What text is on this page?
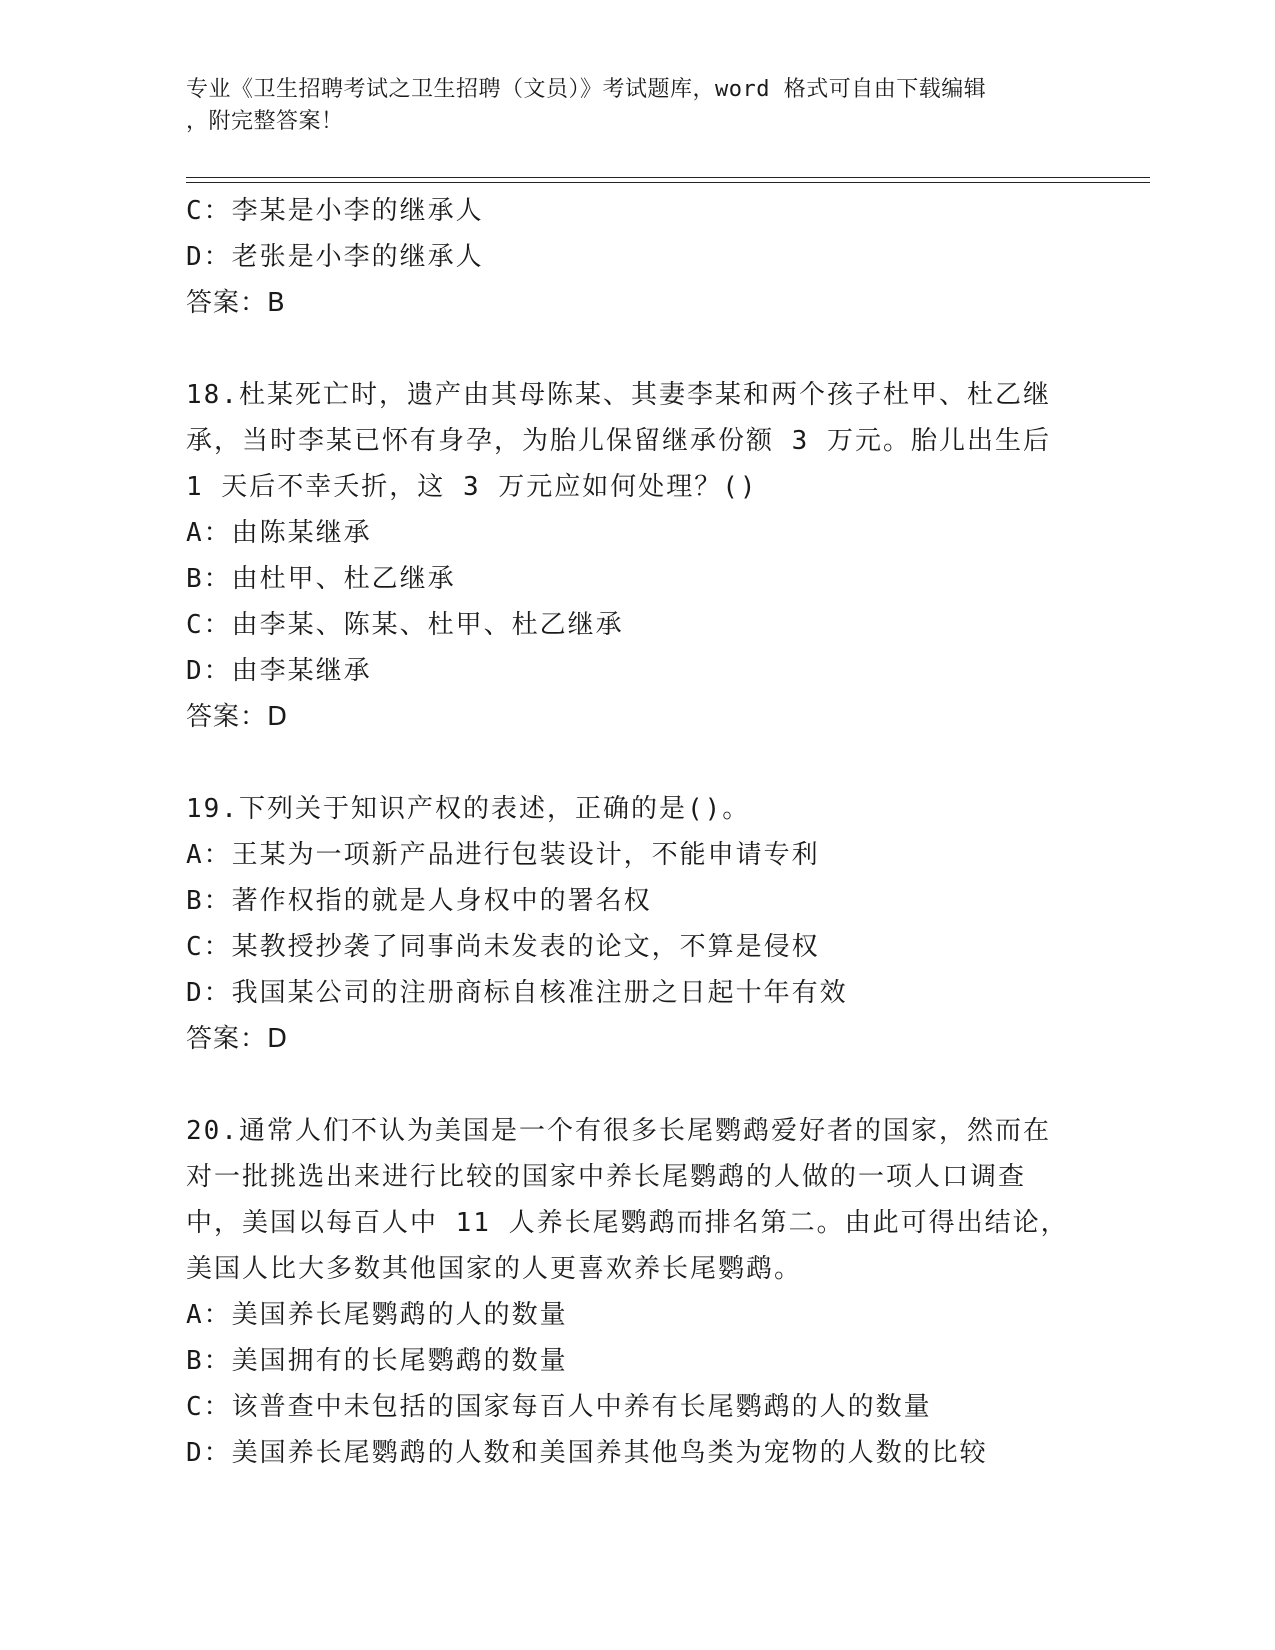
专业《卫生招聘考试之卫生招聘（文员）》考试题库，word 格式可自由下载编辑
，附完整答案！
C：李某是小李的继承人
D：老张是小李的继承人
答案：B
18.杜某死亡时，遗产由其母陈某、其妻李某和两个孩子杜甲、杜乙继
承，当时李某已怀有身孕，为胎儿保留继承份额 3 万元。胎儿出生后
1 天后不幸夭折，这 3 万元应如何处理？()
A：由陈某继承
B：由杜甲、杜乙继承
C：由李某、陈某、杜甲、杜乙继承
D：由李某继承
答案：D
19.下列关于知识产权的表述，正确的是()。
A：王某为一项新产品进行包装设计，不能申请专利
B：著作权指的就是人身权中的署名权
C：某教授抄袭了同事尚未发表的论文，不算是侵权
D：我国某公司的注册商标自核准注册之日起十年有效
答案：D
20.通常人们不认为美国是一个有很多长尾鹦鹉爱好者的国家，然而在
对一批挑选出来进行比较的国家中养长尾鹦鹉的人做的一项人口调查
中，美国以每百人中 11 人养长尾鹦鹉而排名第二。由此可得出结论，
美国人比大多数其他国家的人更喜欢养长尾鹦鹉。
A：美国养长尾鹦鹉的人的数量
B：美国拥有的长尾鹦鹉的数量
C：该普查中未包括的国家每百人中养有长尾鹦鹉的人的数量
D：美国养长尾鹦鹉的人数和美国养其他鸟类为宠物的人数的比较
